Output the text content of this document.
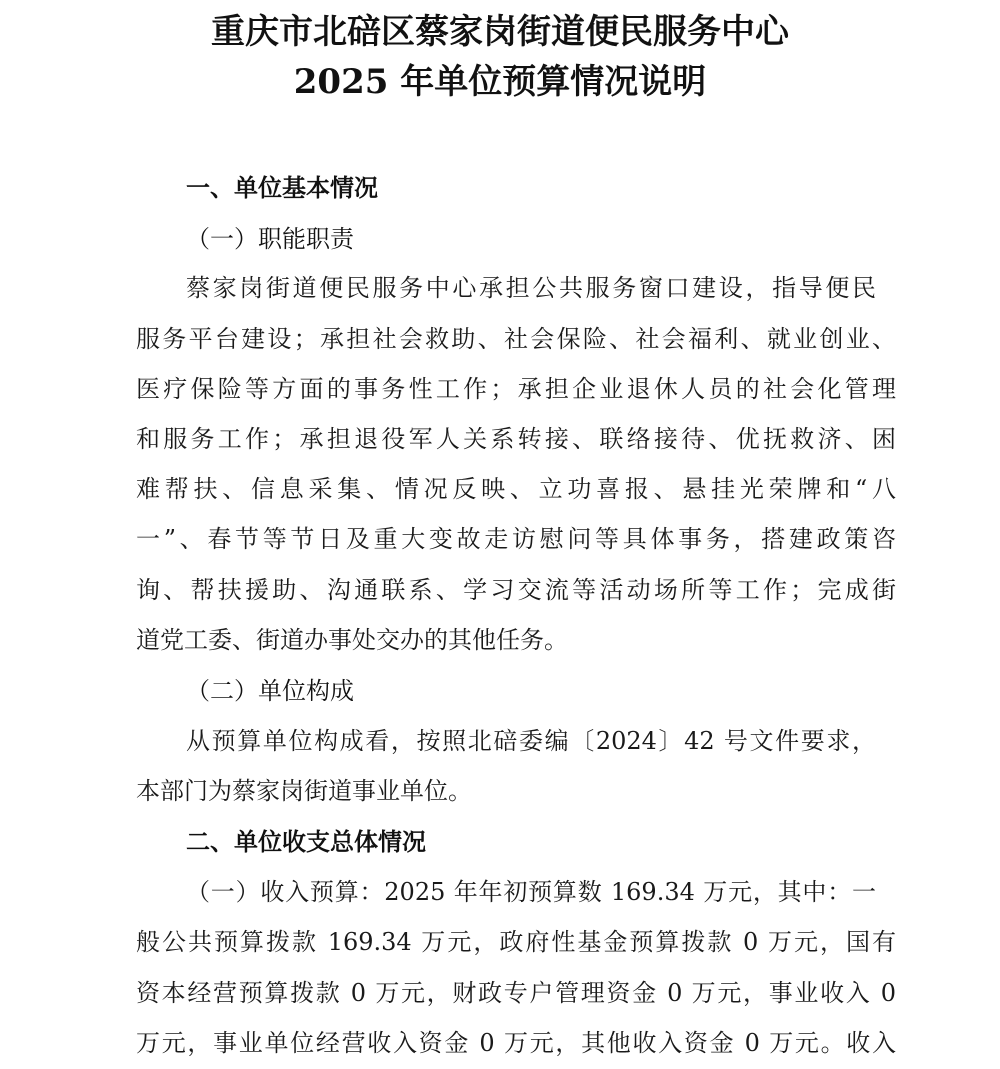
重庆市北碚区蔡家岗街道便民服务中心
2025 年单位预算情况说明
一、单位基本情况
（一）职能职责
蔡家岗街道便民服务中心承担公共服务窗口建设，指导便民
服务平台建设；承担社会救助、社会保险、社会福利、就业创业、
医疗保险等方面的事务性工作；承担企业退休人员的社会化管理
和服务工作；承担退役军人关系转接、联络接待、优抚救济、困
难帮扶、信息采集、情况反映、立功喜报、悬挂光荣牌和“八
一”、春节等节日及重大变故走访慰问等具体事务，搭建政策咨
询、帮扶援助、沟通联系、学习交流等活动场所等工作；完成街
道党工委、街道办事处交办的其他任务。
（二）单位构成
从预算单位构成看，按照北碚委编〔2024〕42 号文件要求，
本部门为蔡家岗街道事业单位。
二、单位收支总体情况
（一）收入预算：2025 年年初预算数 169.34 万元，其中：一
般公共预算拨款 169.34 万元，政府性基金预算拨款 0 万元，国有
资本经营预算拨款 0 万元，财政专户管理资金 0 万元，事业收入 0
万元，事业单位经营收入资金 0 万元，其他收入资金 0 万元。收入
